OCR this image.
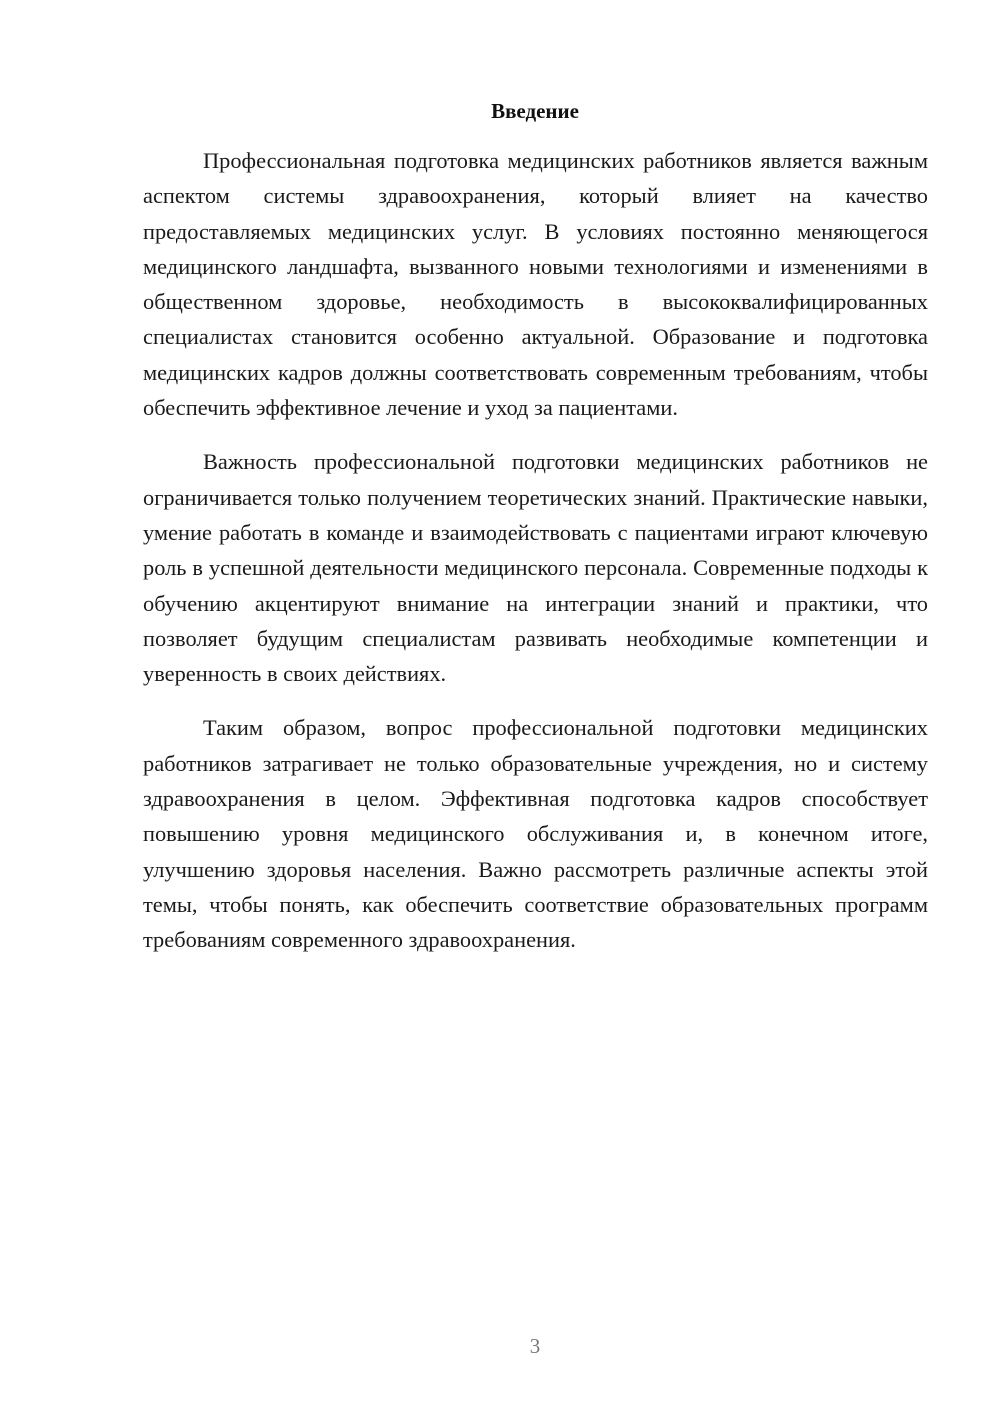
Введение

Профессиональная подготовка медицинских работников является важным аспектом системы здравоохранения, который влияет на качество предоставляемых медицинских услуг. В условиях постоянно меняющегося медицинского ландшафта, вызванного новыми технологиями и изменениями в общественном здоровье, необходимость в высококвалифицированных специалистах становится особенно актуальной. Образование и подготовка медицинских кадров должны соответствовать современным требованиям, чтобы обеспечить эффективное лечение и уход за пациентами.

Важность профессиональной подготовки медицинских работников не ограничивается только получением теоретических знаний. Практические навыки, умение работать в команде и взаимодействовать с пациентами играют ключевую роль в успешной деятельности медицинского персонала. Современные подходы к обучению акцентируют внимание на интеграции знаний и практики, что позволяет будущим специалистам развивать необходимые компетенции и уверенность в своих действиях.

Таким образом, вопрос профессиональной подготовки медицинских работников затрагивает не только образовательные учреждения, но и систему здравоохранения в целом. Эффективная подготовка кадров способствует повышению уровня медицинского обслуживания и, в конечном итоге, улучшению здоровья населения. Важно рассмотреть различные аспекты этой темы, чтобы понять, как обеспечить соответствие образовательных программ требованиям современного здравоохранения.

3
